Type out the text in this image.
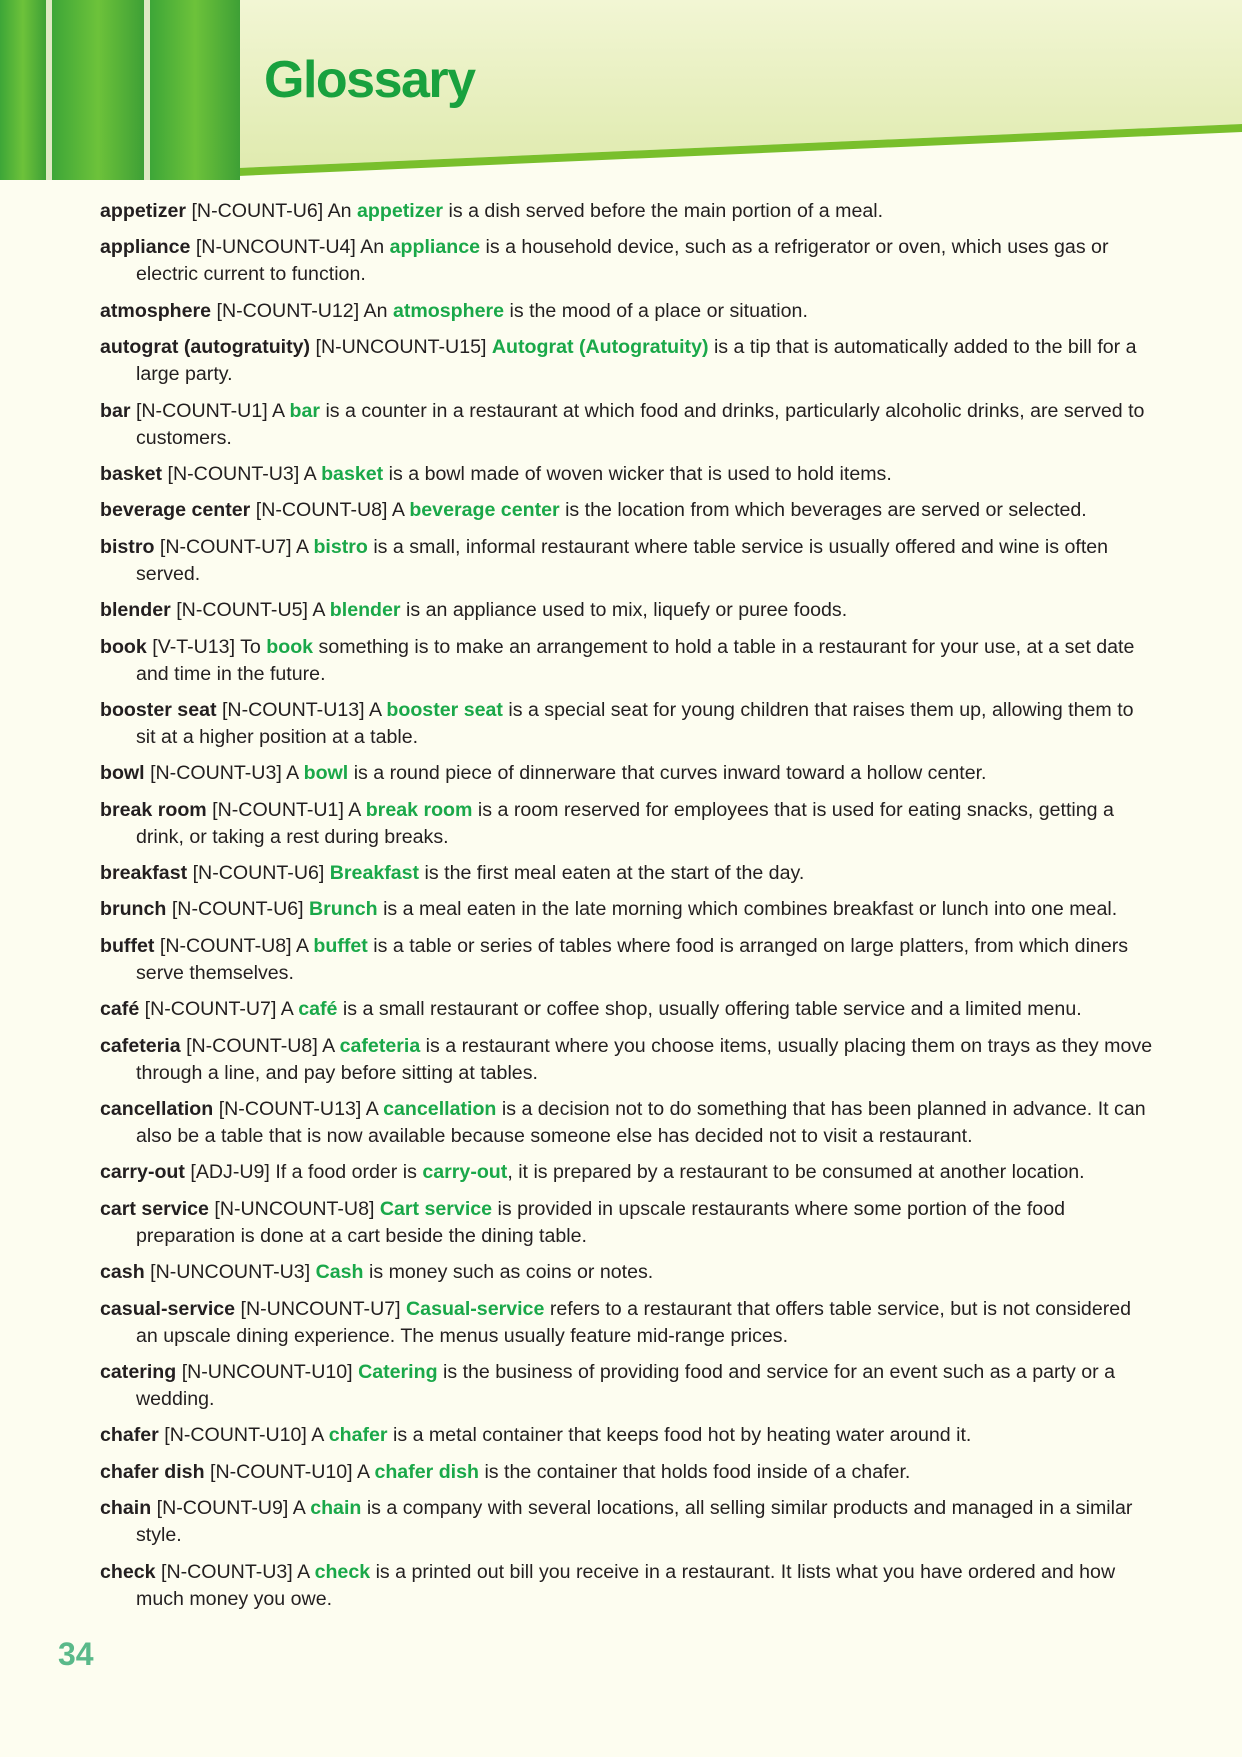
Glossary

appetizer [N-COUNT-U6] An appetizer is a dish served before the main portion of a meal.

appliance [N-UNCOUNT-U4] An appliance is a household device, such as a refrigerator or oven, which uses gas or electric current to function.

atmosphere [N-COUNT-U12] An atmosphere is the mood of a place or situation.

autograt (autogratuity) [N-UNCOUNT-U15] Autograt (Autogratuity) is a tip that is automatically added to the bill for a large party.

bar [N-COUNT-U1] A bar is a counter in a restaurant at which food and drinks, particularly alcoholic drinks, are served to customers.

basket [N-COUNT-U3] A basket is a bowl made of woven wicker that is used to hold items.

beverage center [N-COUNT-U8] A beverage center is the location from which beverages are served or selected.

bistro [N-COUNT-U7] A bistro is a small, informal restaurant where table service is usually offered and wine is often served.

blender [N-COUNT-U5] A blender is an appliance used to mix, liquefy or puree foods.

book [V-T-U13] To book something is to make an arrangement to hold a table in a restaurant for your use, at a set date and time in the future.

booster seat [N-COUNT-U13] A booster seat is a special seat for young children that raises them up, allowing them to sit at a higher position at a table.

bowl [N-COUNT-U3] A bowl is a round piece of dinnerware that curves inward toward a hollow center.

break room [N-COUNT-U1] A break room is a room reserved for employees that is used for eating snacks, getting a drink, or taking a rest during breaks.

breakfast [N-COUNT-U6] Breakfast is the first meal eaten at the start of the day.

brunch [N-COUNT-U6] Brunch is a meal eaten in the late morning which combines breakfast or lunch into one meal.

buffet [N-COUNT-U8] A buffet is a table or series of tables where food is arranged on large platters, from which diners serve themselves.

café [N-COUNT-U7] A café is a small restaurant or coffee shop, usually offering table service and a limited menu.

cafeteria [N-COUNT-U8] A cafeteria is a restaurant where you choose items, usually placing them on trays as they move through a line, and pay before sitting at tables.

cancellation [N-COUNT-U13] A cancellation is a decision not to do something that has been planned in advance. It can also be a table that is now available because someone else has decided not to visit a restaurant.

carry-out [ADJ-U9] If a food order is carry-out, it is prepared by a restaurant to be consumed at another location.

cart service [N-UNCOUNT-U8] Cart service is provided in upscale restaurants where some portion of the food preparation is done at a cart beside the dining table.

cash [N-UNCOUNT-U3] Cash is money such as coins or notes.

casual-service [N-UNCOUNT-U7] Casual-service refers to a restaurant that offers table service, but is not considered an upscale dining experience. The menus usually feature mid-range prices.

catering [N-UNCOUNT-U10] Catering is the business of providing food and service for an event such as a party or a wedding.

chafer [N-COUNT-U10] A chafer is a metal container that keeps food hot by heating water around it.

chafer dish [N-COUNT-U10] A chafer dish is the container that holds food inside of a chafer.

chain [N-COUNT-U9] A chain is a company with several locations, all selling similar products and managed in a similar style.

check [N-COUNT-U3] A check is a printed out bill you receive in a restaurant. It lists what you have ordered and how much money you owe.

34
